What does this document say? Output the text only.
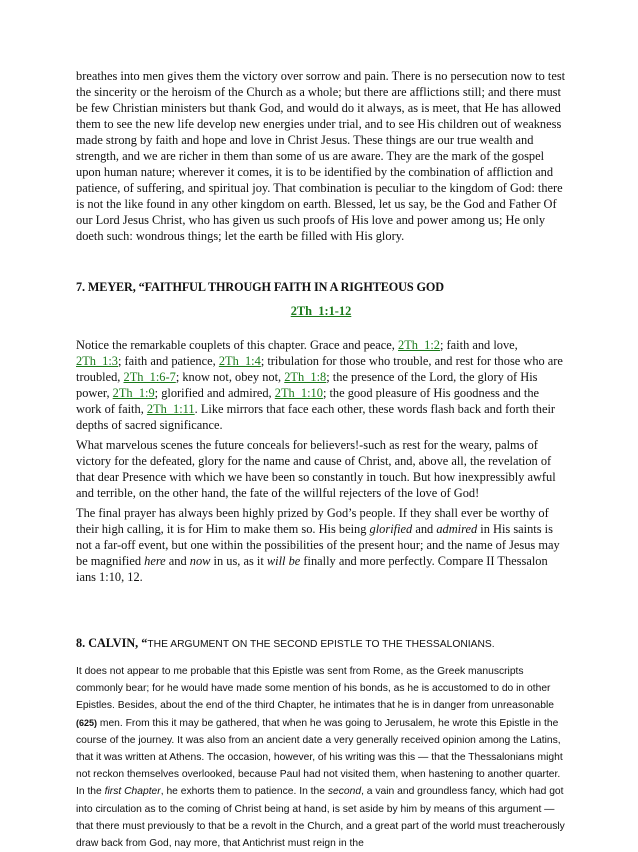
breathes into men gives them the victory over sorrow and pain. There is no persecution now to test the sincerity or the heroism of the Church as a whole; but there are afflictions still; and there must be few Christian ministers but thank God, and would do it always, as is meet, that He has allowed them to see the new life develop new energies under trial, and to see His children out of weakness made strong by faith and hope and love in Christ Jesus. These things are our true wealth and strength, and we are richer in them than some of us are aware. They are the mark of the gospel upon human nature; wherever it comes, it is to be identified by the combination of affliction and patience, of suffering, and spiritual joy. That combination is peculiar to the kingdom of God: there is not the like found in any other kingdom on earth. Blessed, let us say, be the God and Father Of our Lord Jesus Christ, who has given us such proofs of His love and power among us; He only doeth such: wondrous things; let the earth be filled with His glory.

7. MEYER, “FAITHFUL THROUGH FAITH IN A RIGHTEOUS GOD
2Th_1:1-12

Notice the remarkable couplets of this chapter. Grace and peace, 2Th_1:2; faith and love, 2Th_1:3; faith and patience, 2Th_1:4; tribulation for those who trouble, and rest for those who are troubled, 2Th_1:6-7; know not, obey not, 2Th_1:8; the presence of the Lord, the glory of His power, 2Th_1:9; glorified and admired, 2Th_1:10; the good pleasure of His goodness and the work of faith, 2Th_1:11. Like mirrors that face each other, these words flash back and forth their depths of sacred significance.

What marvelous scenes the future conceals for believers!-such as rest for the weary, palms of victory for the defeated, glory for the name and cause of Christ, and, above all, the revelation of that dear Presence with which we have been so constantly in touch. But how inexpressibly awful and terrible, on the other hand, the fate of the willful rejecters of the love of God!

The final prayer has always been highly prized by God’s people. If they shall ever be worthy of their high calling, it is for Him to make them so. His being glorified and admired in His saints is not a far-off event, but one within the possibilities of the present hour; and the name of Jesus may be magnified here and now in us, as it will be finally and more perfectly. Compare II Thessalon ians 1:10, 12.

8. CALVIN, “THE ARGUMENT ON THE SECOND EPISTLE TO THE THESSALONIANS.

It does not appear to me probable that this Epistle was sent from Rome, as the Greek manuscripts commonly bear; for he would have made some mention of his bonds, as he is accustomed to do in other Epistles. Besides, about the end of the third Chapter, he intimates that he is in danger from unreasonable (625) men. From this it may be gathered, that when he was going to Jerusalem, he wrote this Epistle in the course of the journey. It was also from an ancient date a very generally received opinion among the Latins, that it was written at Athens. The occasion, however, of his writing was this — that the Thessalonians might not reckon themselves overlooked, because Paul had not visited them, when hastening to another quarter. In the first Chapter, he exhorts them to patience. In the second, a vain and groundless fancy, which had got into circulation as to the coming of Christ being at hand, is set aside by him by means of this argument — that there must previously to that be a revolt in the Church, and a great part of the world must treacherously draw back from God, nay more, that Antichrist must reign in the
